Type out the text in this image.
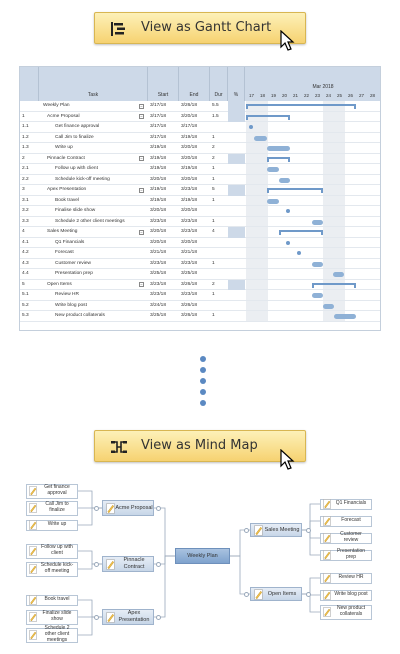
View as Gantt Chart
Task	Start	End	Dur	%
Mar 2018
17	18	19	20	21	22	23	24	25	26	27	28
Weekly Plan	3/17/18	3/26/18	5.5
−
1	Acme Proposal	3/17/18	3/20/18	1.5
−
1.1	Get finance approval	3/17/18	3/17/18
1.2	Call Jim to finalize	3/17/18	3/19/18	1
1.3	Write up	3/19/18	3/20/18	2
2	Pinnacle Contract	3/19/18	3/20/18	2
−
2.1	Follow up with client	3/19/18	3/19/18	1
2.2	Schedule kick-off meeting	3/20/18	3/20/18	1
3	Apex Presentation	3/19/18	3/23/18	5
−
3.1	Book travel	3/19/18	3/19/18	1
3.2	Finalise slide show	3/20/18	3/20/18
3.3	Schedule 2 other client meetings	3/23/18	3/23/18	1
4	Sales Meeting	3/20/18	3/23/18	4
−
4.1	Q1 Financials	3/20/18	3/20/18
4.2	Forecast	3/21/18	3/21/18
4.3	Customer review	3/23/18	3/23/18	1
4.4	Presentation prep	3/25/18	3/25/18
5	Open Items	3/23/18	3/26/18	2
−
5.1	Review HR	3/23/18	3/23/18	1
5.2	Write blog post	3/24/18	3/26/18
5.3	New product collaterals	3/25/18	3/26/18	1
View as Mind Map
Weekly Plan
Acme Proposal
Get finance approval
Call Jim to finalize
Write up
Pinnacle Contract
Follow up with client
Schedule kick-off meeting
Apex Presentation
Book travel
Finalize slide show
Schedule 2 other client meetings
Sales Meeting
Q1 Financials
Forecast
Customer review
Presentation prep
Open Items
Review HR
Write blog post
New product collaterals
